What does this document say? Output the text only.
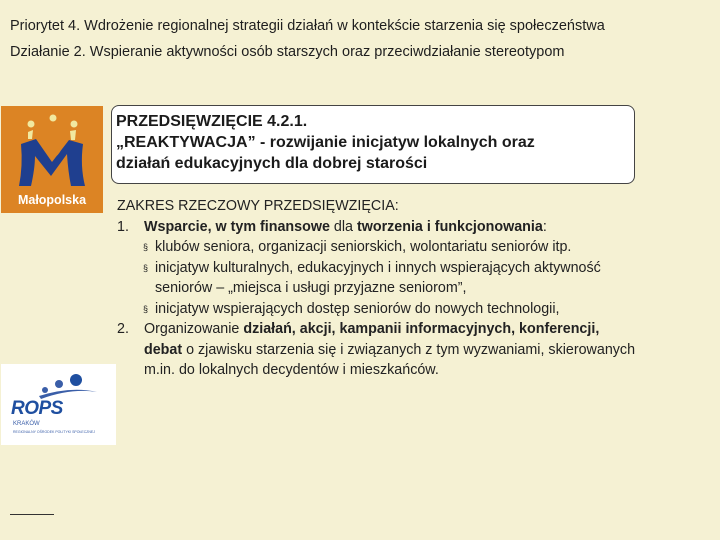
Priorytet 4. Wdrożenie regionalnej strategii działań w kontekście starzenia się społeczeństwa
Działanie 2. Wspieranie aktywności osób starszych oraz przeciwdziałanie stereotypom
Małopolska
PRZEDSIĘWZIĘCIE 4.2.1.
„REAKTYWACJA” - rozwijanie inicjatyw lokalnych oraz
działań edukacyjnych dla dobrej starości
ZAKRES RZECZOWY PRZEDSIĘWZIĘCIA:
1. Wsparcie, w tym finansowe dla tworzenia i funkcjonowania:
§ klubów seniora, organizacji seniorskich, wolontariatu seniorów itp.
§ inicjatyw kulturalnych, edukacyjnych i innych wspierających aktywność
seniorów – „miejsca i usługi przyjazne seniorom”,
§ inicjatyw wspierających dostęp seniorów do nowych technologii,
2. Organizowanie działań, akcji, kampanii informacyjnych, konferencji,
debat o zjawisku starzenia się i związanych z tym wyzwaniami, skierowanych
m.in. do lokalnych decydentów i mieszkańców.
ROPS
KRAKÓW
REGIONALNY OŚRODEK POLITYKI SPOŁECZNEJ
